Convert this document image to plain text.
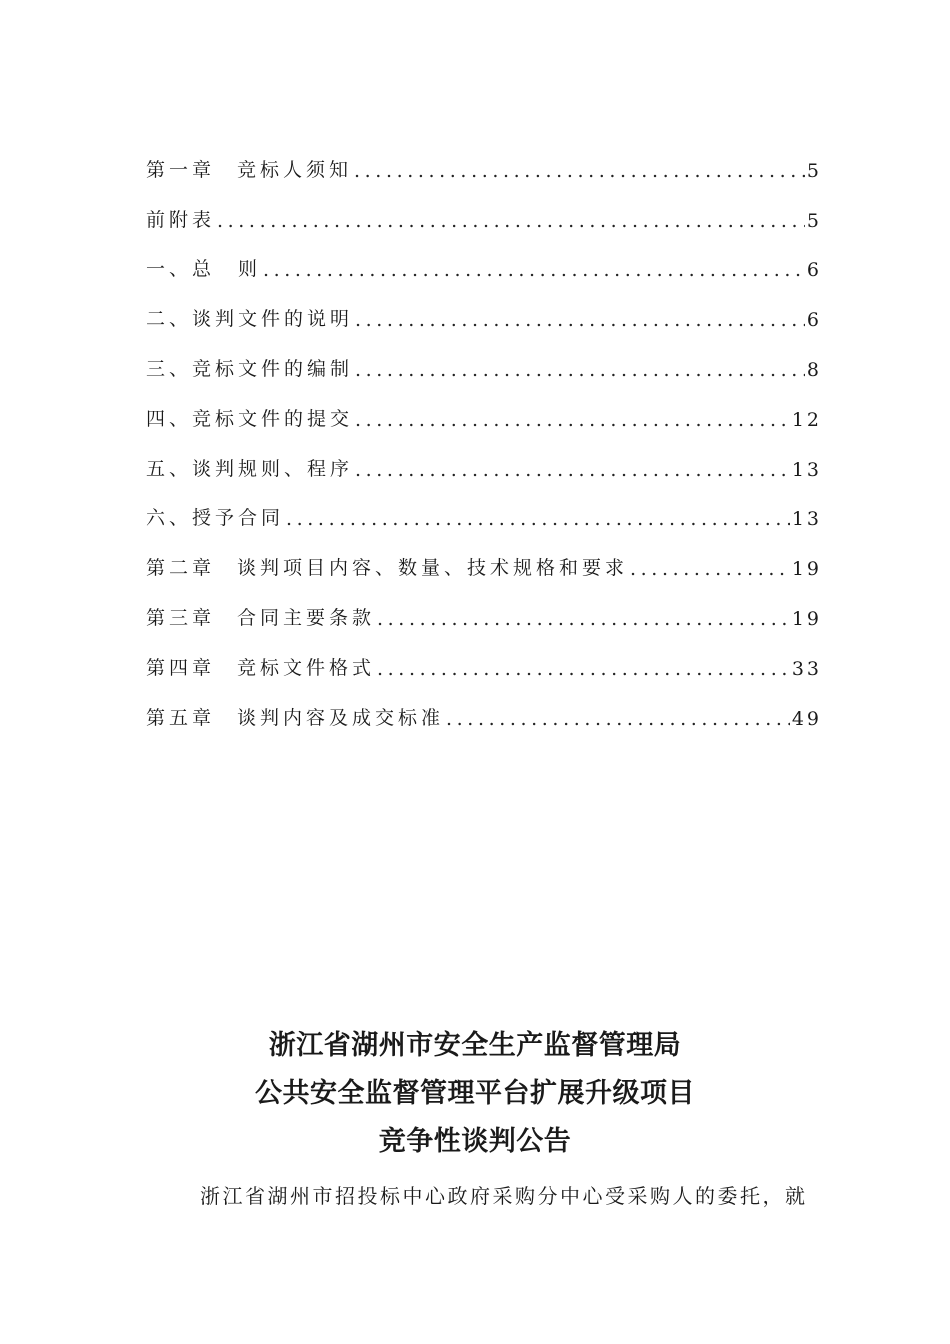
第一章 竞标人须知 .....	5
前附表 .....	5
一、总　则 .....	6
二、谈判文件的说明 .....	6
三、竞标文件的编制 .....	8
四、竞标文件的提交 .....	12
五、谈判规则、程序 .....	13
六、授予合同 .....	13
第二章 谈判项目内容、数量、技术规格和要求 .....	19
第三章 合同主要条款 .....	19
第四章 竞标文件格式 .....	33
第五章 谈判内容及成交标准 .....	49
浙江省湖州市安全生产监督管理局
公共安全监督管理平台扩展升级项目
竞争性谈判公告
浙江省湖州市招投标中心政府采购分中心受采购人的委托，就
